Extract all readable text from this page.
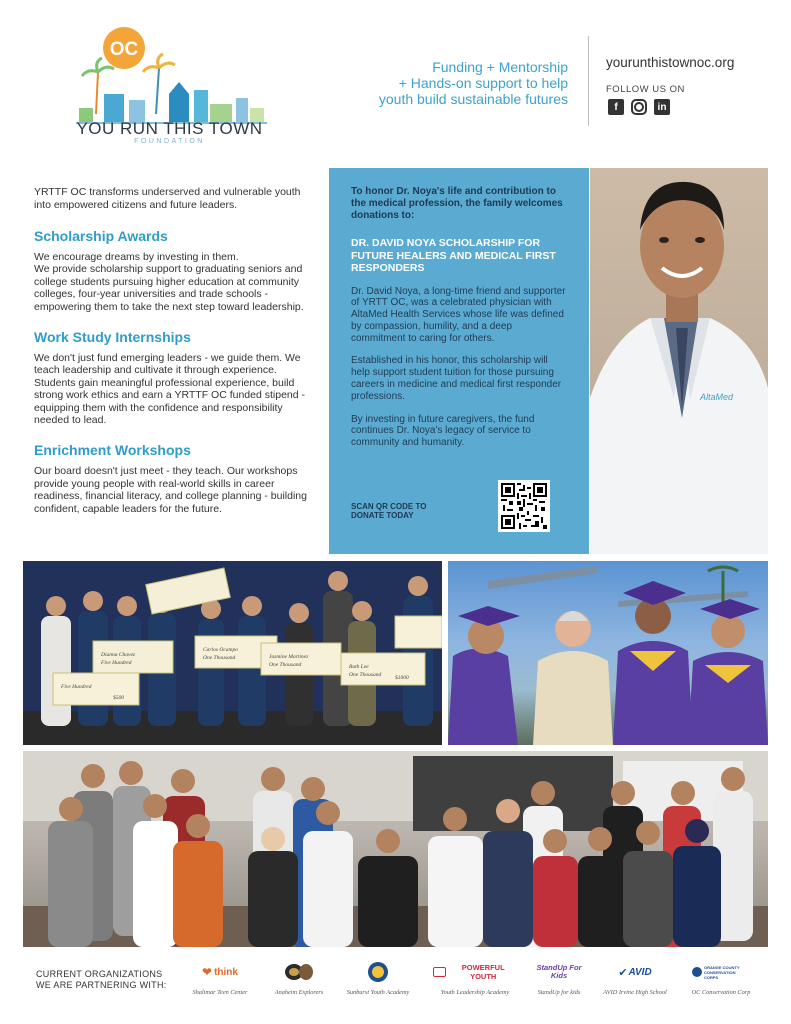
OC
YOU RUN THIS TOWN
FOUNDATION
Funding + Mentorship
+ Hands-on support to help
youth build sustainable futures
yourunthistownoc.org
FOLLOW US ON
f	in

YRTTF OC transforms underserved and vulnerable youth into empowered citizens and future leaders.

Scholarship Awards
We encourage dreams by investing in them.
We provide scholarship support to graduating seniors and college students pursuing higher education at community colleges, four-year universities and trade schools - empowering them to take the next step toward leadership.
Work Study Internships
We don't just fund emerging leaders - we guide them. We teach leadership and cultivate it through experience. Students gain meaningful professional experience, build strong work ethics and earn a YRTTF OC funded stipend - equipping them with the confidence and responsibility needed to lead.
Enrichment Workshops
Our board doesn't just meet - they teach. Our workshops provide young people with real-world skills in career readiness, financial literacy, and college planning - building confident, capable leaders for the future.

To honor Dr. Noya's life and contribution to the medical profession, the family welcomes donations to:

DR. DAVID NOYA SCHOLARSHIP FOR FUTURE HEALERS AND MEDICAL FIRST RESPONDERS

Dr. David Noya, a long-time friend and supporter of YRTT OC, was a celebrated physician with AltaMed Health Services whose life was defined by compassion, humility, and a deep commitment to caring for others.

Established in his honor, this scholarship will help support student tuition for those pursuing careers in medicine and medical first responder professions.

By investing in future caregivers, the fund continues Dr. Noya's legacy of service to community and humanity.

SCAN QR CODE TO DONATE TODAY
AltaMed
Dianna Chavez
Five Hundred
Carlos Ocampo
One Thousand	Jasmine Martinez
One Thousand	Ruth Lee
One Thousand
Five Hundred
$500
$1000
CURRENT ORGANIZATIONS WE ARE PARTNERING WITH:
❤ think
Shalimar Teen Center	Anaheim Explorers	Sunburst Youth Academy
POWERFUL YOUTH
Youth Leadership Academy
StandUp For Kids
StandUp for kids
✔ AVID
AVID Irvine High School
ORANGE COUNTY CONSERVATION CORPS
OC Conservation Corp
